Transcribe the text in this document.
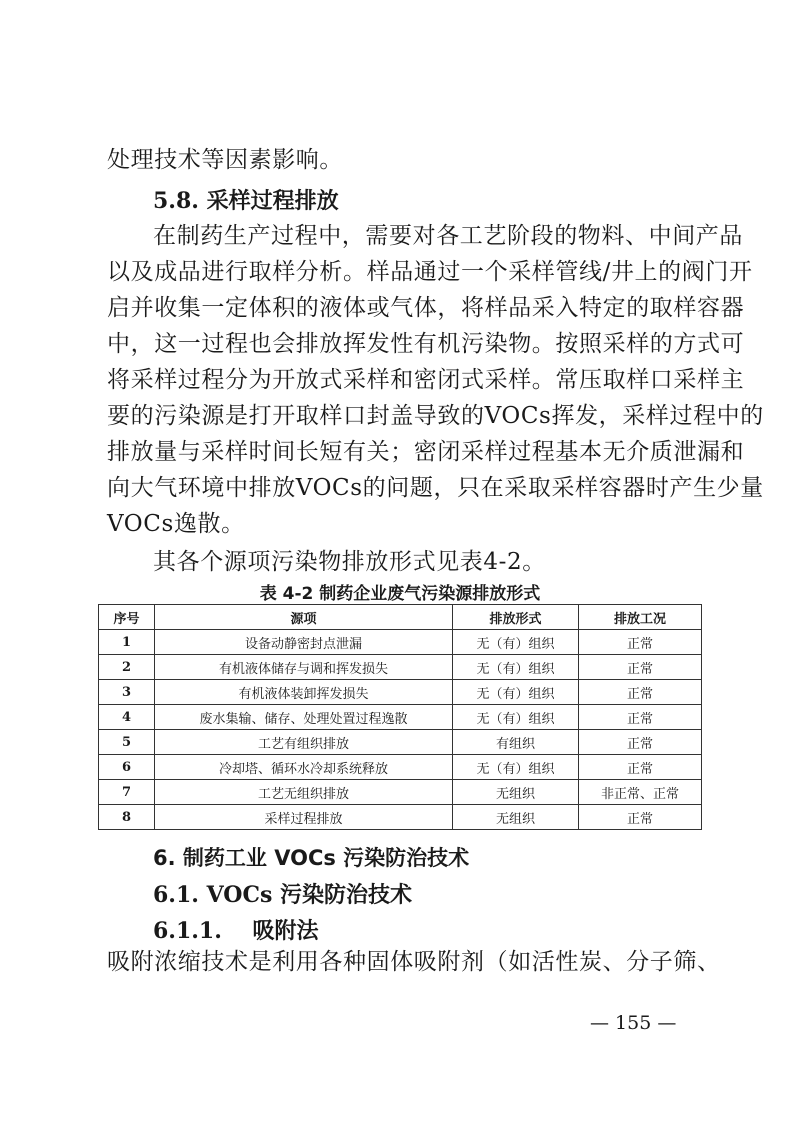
处理技术等因素影响。
5.8. 采样过程排放
在制药生产过程中，需要对各工艺阶段的物料、中间产品
以及成品进行取样分析。样品通过一个采样管线/井上的阀门开
启并收集一定体积的液体或气体，将样品采入特定的取样容器
中，这一过程也会排放挥发性有机污染物。按照采样的方式可
将采样过程分为开放式采样和密闭式采样。常压取样口采样主
要的污染源是打开取样口封盖导致的VOCs挥发，采样过程中的
排放量与采样时间长短有关；密闭采样过程基本无介质泄漏和
向大气环境中排放VOCs的问题，只在采取采样容器时产生少量
VOCs逸散。
其各个源项污染物排放形式见表4-2。
表 4-2 制药企业废气污染源排放形式
序号	源项	排放形式	排放工况
1	设备动静密封点泄漏	无（有）组织	正常
2	有机液体储存与调和挥发损失	无（有）组织	正常
3	有机液体装卸挥发损失	无（有）组织	正常
4	废水集输、储存、处理处置过程逸散	无（有）组织	正常
5	工艺有组织排放	有组织	正常
6	冷却塔、循环水冷却系统释放	无（有）组织	正常
7	工艺无组织排放	无组织	非正常、正常
8	采样过程排放	无组织	正常
6. 制药工业 VOCs 污染防治技术
6.1. VOCs 污染防治技术
6.1.1.    吸附法
吸附浓缩技术是利用各种固体吸附剂（如活性炭、分子筛、
— 155 —
